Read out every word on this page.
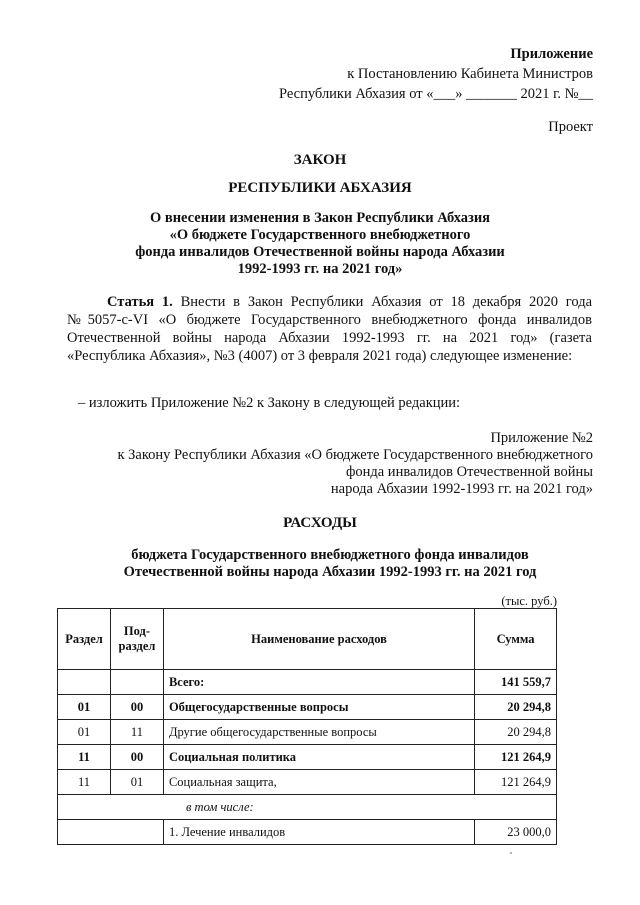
Приложение
к Постановлению Кабинета Министров
Республики Абхазия от «___» _______ 2021 г. №__
Проект
ЗАКОН
РЕСПУБЛИКИ АБХАЗИЯ
О внесении изменения в Закон Республики Абхазия
«О бюджете Государственного внебюджетного
фонда инвалидов Отечественной войны народа Абхазии
1992-1993 гг. на 2021 год»
Статья 1. Внести в Закон Республики Абхазия от 18 декабря 2020 года №5057-с-VI «О бюджете Государственного внебюджетного фонда инвалидов Отечественной войны народа Абхазии 1992-1993 гг. на 2021 год» (газета «Республика Абхазия», №3 (4007) от 3 февраля 2021 года) следующее изменение:
– изложить Приложение №2 к Закону в следующей редакции:
Приложение №2
к Закону Республики Абхазия «О бюджете Государственного внебюджетного
фонда инвалидов Отечественной войны
народа Абхазии 1992-1993 гг. на 2021 год»
РАСХОДЫ
бюджета Государственного внебюджетного фонда инвалидов
Отечественной войны народа Абхазии 1992-1993 гг. на 2021 год
(тыс. руб.)
Раздел	Под-раздел	Наименование расходов	Сумма
		Всего:	141 559,7
01	00	Общегосударственные вопросы	20 294,8
01	11	Другие общегосударственные вопросы	20 294,8
11	00	Социальная политика	121 264,9
11	01	Социальная защита,	121 264,9
в том числе:			
		1. Лечение инвалидов	23 000,0
